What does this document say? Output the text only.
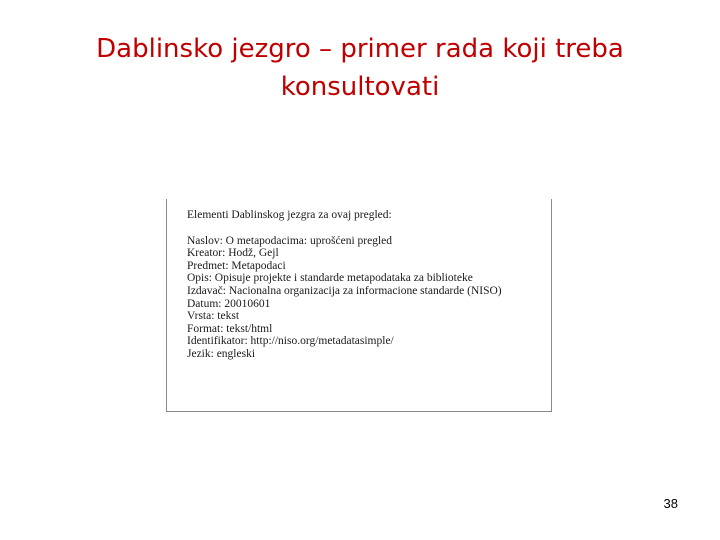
Dablinsko jezgro – primer rada koji treba konsultovati
Elementi Dablinskog jezgra za ovaj pregled:
Naslov: O metapodacima: uprošćeni pregled
Kreator: Hodž, Gejl
Predmet: Metapodaci
Opis: Opisuje projekte i standarde metapodataka za biblioteke
Izdavač: Nacionalna organizacija za informacione standarde (NISO)
Datum: 20010601
Vrsta: tekst
Format: tekst/html
Identifikator: http://niso.org/metadatasimple/
Jezik: engleski
38
